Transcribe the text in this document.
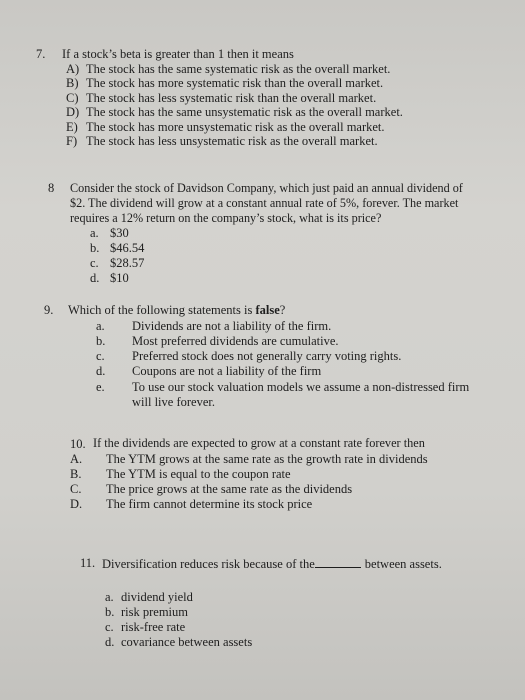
7. If a stock’s beta is greater than 1 then it means
A) The stock has the same systematic risk as the overall market.
B) The stock has more systematic risk than the overall market.
C) The stock has less systematic risk than the overall market.
D) The stock has the same unsystematic risk as the overall market.
E) The stock has more unsystematic risk as the overall market.
F) The stock has less unsystematic risk as the overall market.
8 Consider the stock of Davidson Company, which just paid an annual dividend of
$2. The dividend will grow at a constant annual rate of 5%, forever. The market
requires a 12% return on the company’s stock, what is its price?
a. $30
b. $46.54
c. $28.57
d. $10
9. Which of the following statements is false?
a. Dividends are not a liability of the firm.
b. Most preferred dividends are cumulative.
c. Preferred stock does not generally carry voting rights.
d. Coupons are not a liability of the firm
e. To use our stock valuation models we assume a non-distressed firm
will live forever.
10. If the dividends are expected to grow at a constant rate forever then
A. The YTM grows at the same rate as the growth rate in dividends
B. The YTM is equal to the coupon rate
C. The price grows at the same rate as the dividends
D. The firm cannot determine its stock price
11. Diversification reduces risk because of the	between assets.
a. dividend yield
b. risk premium
c. risk-free rate
d. covariance between assets
